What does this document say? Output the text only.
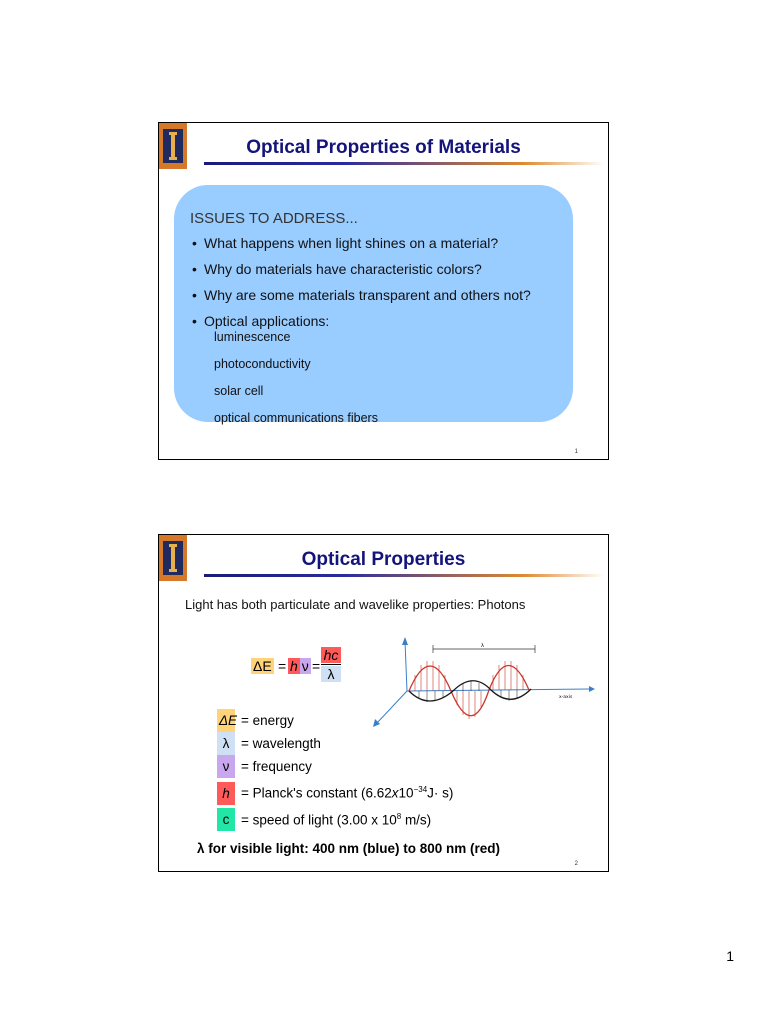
Optical Properties of Materials
ISSUES TO ADDRESS...
• What happens when light shines on a material?
• Why do materials have characteristic colors?
• Why are some materials transparent and others not?
• Optical applications:
luminescence
photoconductivity
solar cell
optical communications fibers
1
Optical Properties
Light has both particulate and wavelike properties: Photons
ΔE = h ν =
hc
λ
λ
x-axis
ΔE = energy
λ = wavelength
ν = frequency
h = Planck's constant $(6.62x10^{-34}J\cdot s)$
c = speed of light (3.00 x $10^8$ m/s)
λ for visible light: 400 nm (blue) to 800 nm (red)
2
1
